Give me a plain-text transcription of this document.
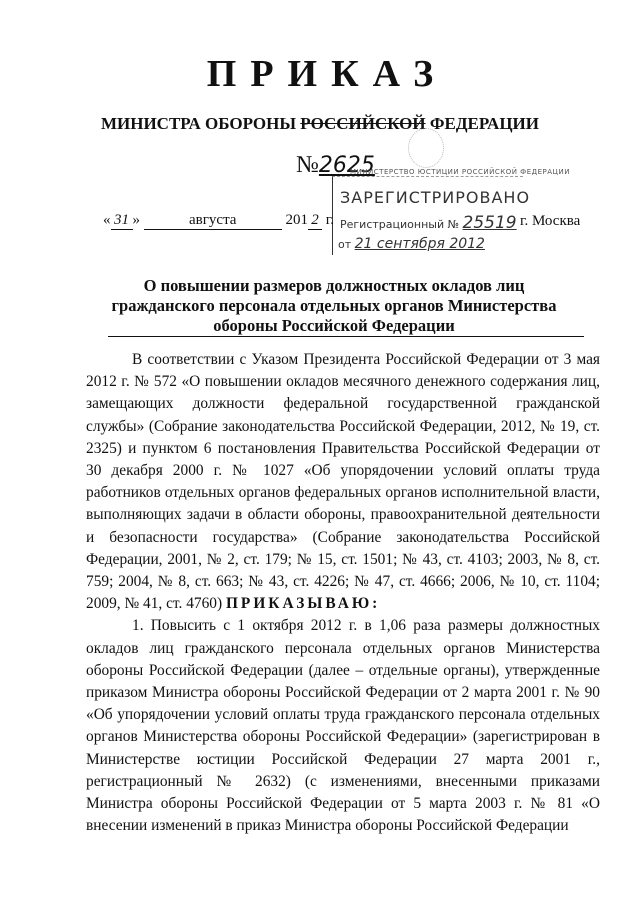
ПРИКАЗ
МИНИСТРА ОБОРОНЫ РОССИЙСКОЙ ФЕДЕРАЦИИ
№2625
МИНИСТЕРСТВО ЮСТИЦИИ РОССИЙСКОЙ ФЕДЕРАЦИИ
ЗАРЕГИСТРИРОВАНО
Регистрационный № 25519
от 21 сентября 2012
« 31 »	августа	201 2 г.	г. Москва
О повышении размеров должностных окладов лиц
гражданского персонала отдельных органов Министерства
обороны Российской Федерации

В соответствии с Указом Президента Российской Федерации от 3 мая 2012 г. № 572 «О повышении окладов месячного денежного содержания лиц, замещающих должности федеральной государственной гражданской службы» (Собрание законодательства Российской Федерации, 2012, № 19, ст. 2325) и пунктом 6 постановления Правительства Российской Федерации от 30 декабря 2000 г. № 1027 «Об упорядочении условий оплаты труда работников отдельных органов федеральных органов исполнительной власти, выполняющих задачи в области обороны, правоохранительной деятельности и безопасности государства» (Собрание законодательства Российской Федерации, 2001, № 2, ст. 179; № 15, ст. 1501; № 43, ст. 4103; 2003, № 8, ст. 759; 2004, № 8, ст. 663; № 43, ст. 4226; № 47, ст. 4666; 2006, № 10, ст. 1104; 2009, № 41, ст. 4760) ПРИКАЗЫВАЮ:

1. Повысить с 1 октября 2012 г. в 1,06 раза размеры должностных окладов лиц гражданского персонала отдельных органов Министерства обороны Российской Федерации (далее – отдельные органы), утвержденные приказом Министра обороны Российской Федерации от 2 марта 2001 г. № 90 «Об упорядочении условий оплаты труда гражданского персонала отдельных органов Министерства обороны Российской Федерации» (зарегистрирован в Министерстве юстиции Российской Федерации 27 марта 2001 г., регистрационный № 2632) (с изменениями, внесенными приказами Министра обороны Российской Федерации от 5 марта 2003 г. № 81 «О внесении изменений в приказ Министра обороны Российской Федерации
